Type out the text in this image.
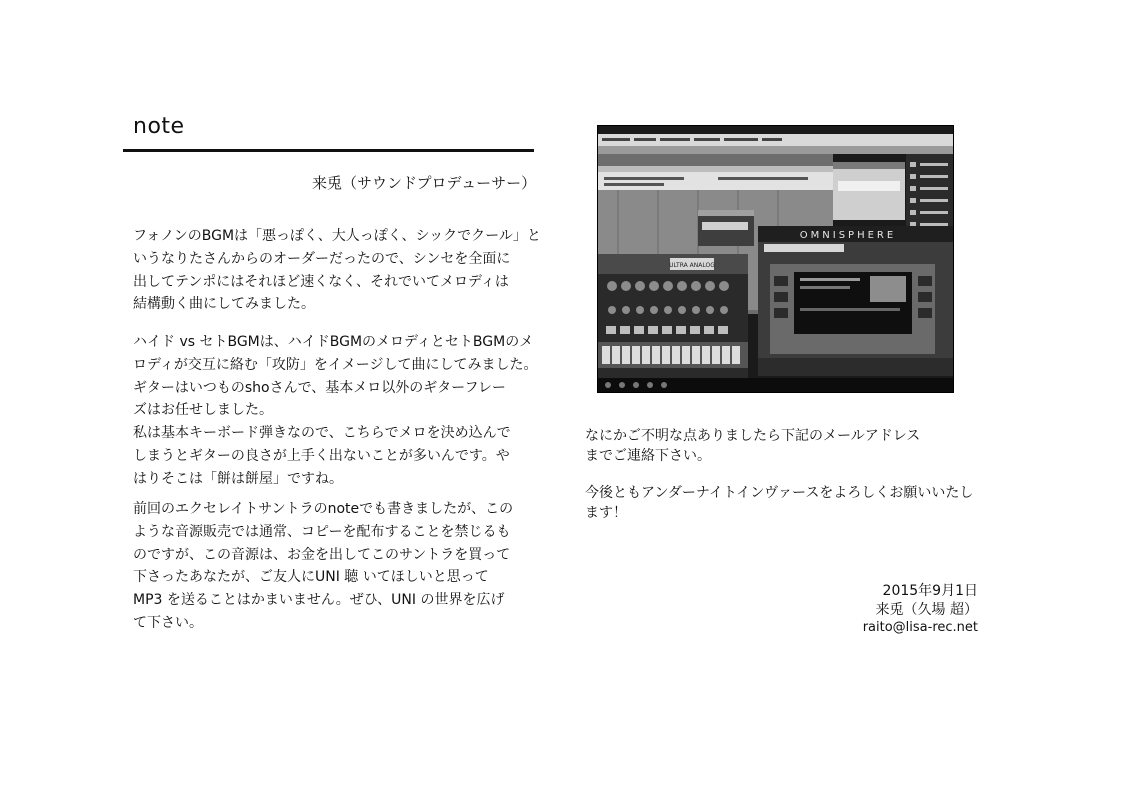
note
来兎（サウンドプロデューサー）
フォノンのBGMは「悪っぽく、大人っぽく、シックでクール」と
いうなりたさんからのオーダーだったので、シンセを全面に
出してテンポにはそれほど速くなく、それでいてメロディは
結構動く曲にしてみました。
ハイド vs セトBGMは、ハイドBGMのメロディとセトBGMのメ
ロディが交互に絡む「攻防」をイメージして曲にしてみました。
ギターはいつものshoさんで、基本メロ以外のギターフレー
ズはお任せしました。
私は基本キーボード弾きなので、こちらでメロを決め込んで
しまうとギターの良さが上手く出ないことが多いんです。や
はりそこは「餅は餅屋」ですね。
前回のエクセレイトサントラのnoteでも書きましたが、この
ような音源販売では通常、コピーを配布することを禁じるも
のですが、この音源は、お金を出してこのサントラを買って
下さったあなたが、ご友人にUNI 聴 いてほしいと思って
MP3 を送ることはかまいません。ぜひ、UNI の世界を広げ
て下さい。
ULTRA ANALOG
OMNISPHERE
なにかご不明な点ありましたら下記のメールアドレス
までご連絡下さい。
今後ともアンダーナイトインヴァースをよろしくお願いいたし
ます！
2015年9月1日
来兎（久場 超）
raito@lisa-rec.net
